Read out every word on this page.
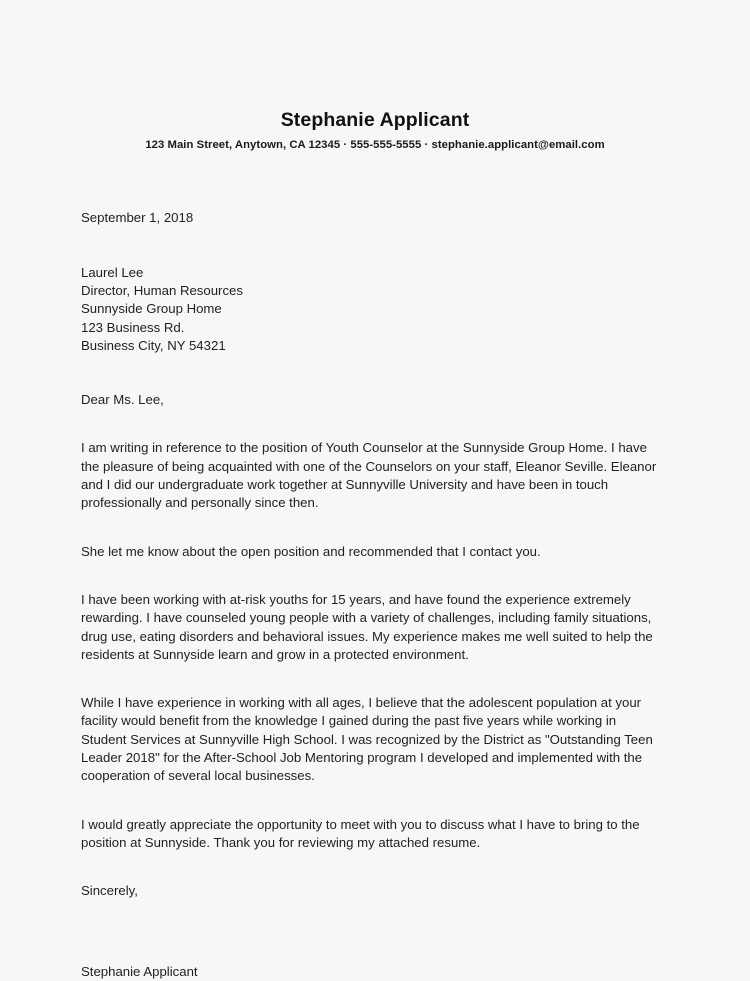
Stephanie Applicant

123 Main Street, Anytown, CA 12345 · 555-555-5555 · stephanie.applicant@email.com

September 1, 2018

Laurel Lee

Director, Human Resources

Sunnyside Group Home

123 Business Rd.

Business City, NY 54321

Dear Ms. Lee,

I am writing in reference to the position of Youth Counselor at the Sunnyside Group Home. I have the pleasure of being acquainted with one of the Counselors on your staff, Eleanor Seville. Eleanor and I did our undergraduate work together at Sunnyville University and have been in touch professionally and personally since then.

She let me know about the open position and recommended that I contact you.

I have been working with at-risk youths for 15 years, and have found the experience extremely rewarding. I have counseled young people with a variety of challenges, including family situations, drug use, eating disorders and behavioral issues. My experience makes me well suited to help the residents at Sunnyside learn and grow in a protected environment.

While I have experience in working with all ages, I believe that the adolescent population at your facility would benefit from the knowledge I gained during the past five years while working in Student Services at Sunnyville High School. I was recognized by the District as "Outstanding Teen Leader 2018" for the After-School Job Mentoring program I developed and implemented with the cooperation of several local businesses.

I would greatly appreciate the opportunity to meet with you to discuss what I have to bring to the position at Sunnyside. Thank you for reviewing my attached resume.

Sincerely,

Stephanie Applicant
